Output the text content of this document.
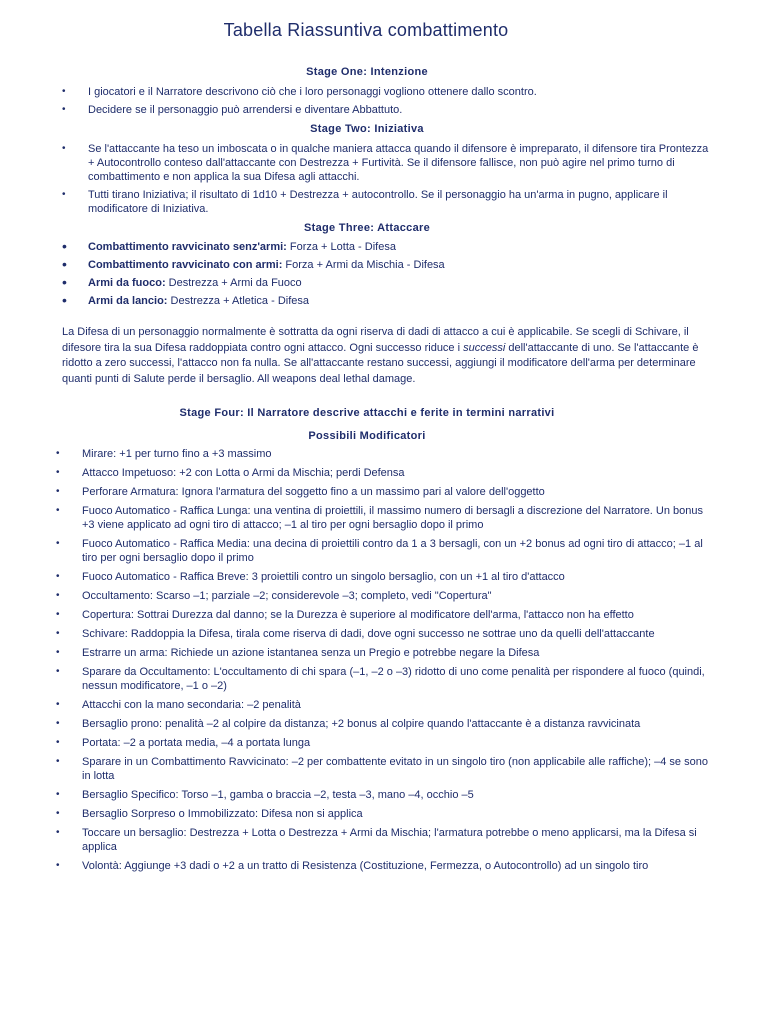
Tabella Riassuntiva combattimento
Stage One: Intenzione
• I giocatori e il Narratore descrivono ciò che i loro personaggi vogliono ottenere dallo scontro.
• Decidere se il personaggio può arrendersi e diventare Abbattuto.
Stage Two: Iniziativa
• Se l'attaccante ha teso un imboscata o in qualche maniera attacca quando il difensore è impreparato, il difensore tira Prontezza + Autocontrollo conteso dall'attaccante con Destrezza + Furtività. Se il difensore fallisce, non può agire nel primo turno di combattimento e non applica la sua Difesa agli attacchi.
• Tutti tirano Iniziativa; il risultato di 1d10 + Destrezza + autocontrollo. Se il personaggio ha un'arma in pugno, applicare il modificatore di Iniziativa.
Stage Three: Attaccare
• Combattimento ravvicinato senz'armi: Forza + Lotta - Difesa
• Combattimento ravvicinato con armi: Forza + Armi da Mischia - Difesa
• Armi da fuoco: Destrezza + Armi da Fuoco
• Armi da lancio: Destrezza + Atletica - Difesa

La Difesa di un personaggio normalmente è sottratta da ogni riserva di dadi di attacco a cui è applicabile. Se scegli di Schivare, il difesore tira la sua Difesa raddoppiata contro ogni attacco. Ogni successo riduce i successi dell'attaccante di uno. Se l'attaccante è ridotto a zero successi, l'attacco non fa nulla. Se all'attaccante restano successi, aggiungi il modificatore dell'arma per determinare quanti punti di Salute perde il bersaglio. All weapons deal lethal damage.

Stage Four: Il Narratore descrive attacchi e ferite in termini narrativi
Possibili Modificatori
• Mirare: +1 per turno fino a +3 massimo
• Attacco Impetuoso: +2 con Lotta o Armi da Mischia; perdi Defensa
• Perforare Armatura: Ignora l'armatura del soggetto fino a un massimo pari al valore dell'oggetto
• Fuoco Automatico - Raffica Lunga: una ventina di proiettili, il massimo numero di bersagli a discrezione del Narratore. Un bonus +3 viene applicato ad ogni tiro di attacco; –1 al tiro per ogni bersaglio dopo il primo
• Fuoco Automatico - Raffica Media: una decina di proiettili contro da 1 a 3 bersagli, con un +2 bonus ad ogni tiro di attacco; –1 al tiro per ogni bersaglio dopo il primo
• Fuoco Automatico - Raffica Breve: 3 proiettili contro un singolo bersaglio, con un +1 al tiro d'attacco
• Occultamento: Scarso –1; parziale –2; considerevole –3; completo, vedi "Copertura"
• Copertura: Sottrai Durezza dal danno; se la Durezza è superiore al modificatore dell'arma, l'attacco non ha effetto
• Schivare: Raddoppia la Difesa, tirala come riserva di dadi, dove ogni successo ne sottrae uno da quelli dell'attaccante
• Estrarre un arma: Richiede un azione istantanea senza un Pregio e potrebbe negare la Difesa
• Sparare da Occultamento: L'occultamento di chi spara (–1, –2 o –3) ridotto di uno come penalità per rispondere al fuoco (quindi, nessun modificatore, –1 o –2)
• Attacchi con la mano secondaria: –2 penalità
• Bersaglio prono: penalità –2 al colpire da distanza; +2 bonus al colpire quando l'attaccante è a distanza ravvicinata
• Portata: –2 a portata media, –4 a portata lunga
• Sparare in un Combattimento Ravvicinato: –2 per combattente evitato in un singolo tiro (non applicabile alle raffiche); –4 se sono in lotta
• Bersaglio Specifico: Torso –1, gamba o braccia –2, testa –3, mano –4, occhio –5
• Bersaglio Sorpreso o Immobilizzato: Difesa non si applica
• Toccare un bersaglio: Destrezza + Lotta o Destrezza + Armi da Mischia; l'armatura potrebbe o meno applicarsi, ma la Difesa si applica
• Volontà: Aggiunge +3 dadi o +2 a un tratto di Resistenza (Costituzione, Fermezza, o Autocontrollo) ad un singolo tiro
